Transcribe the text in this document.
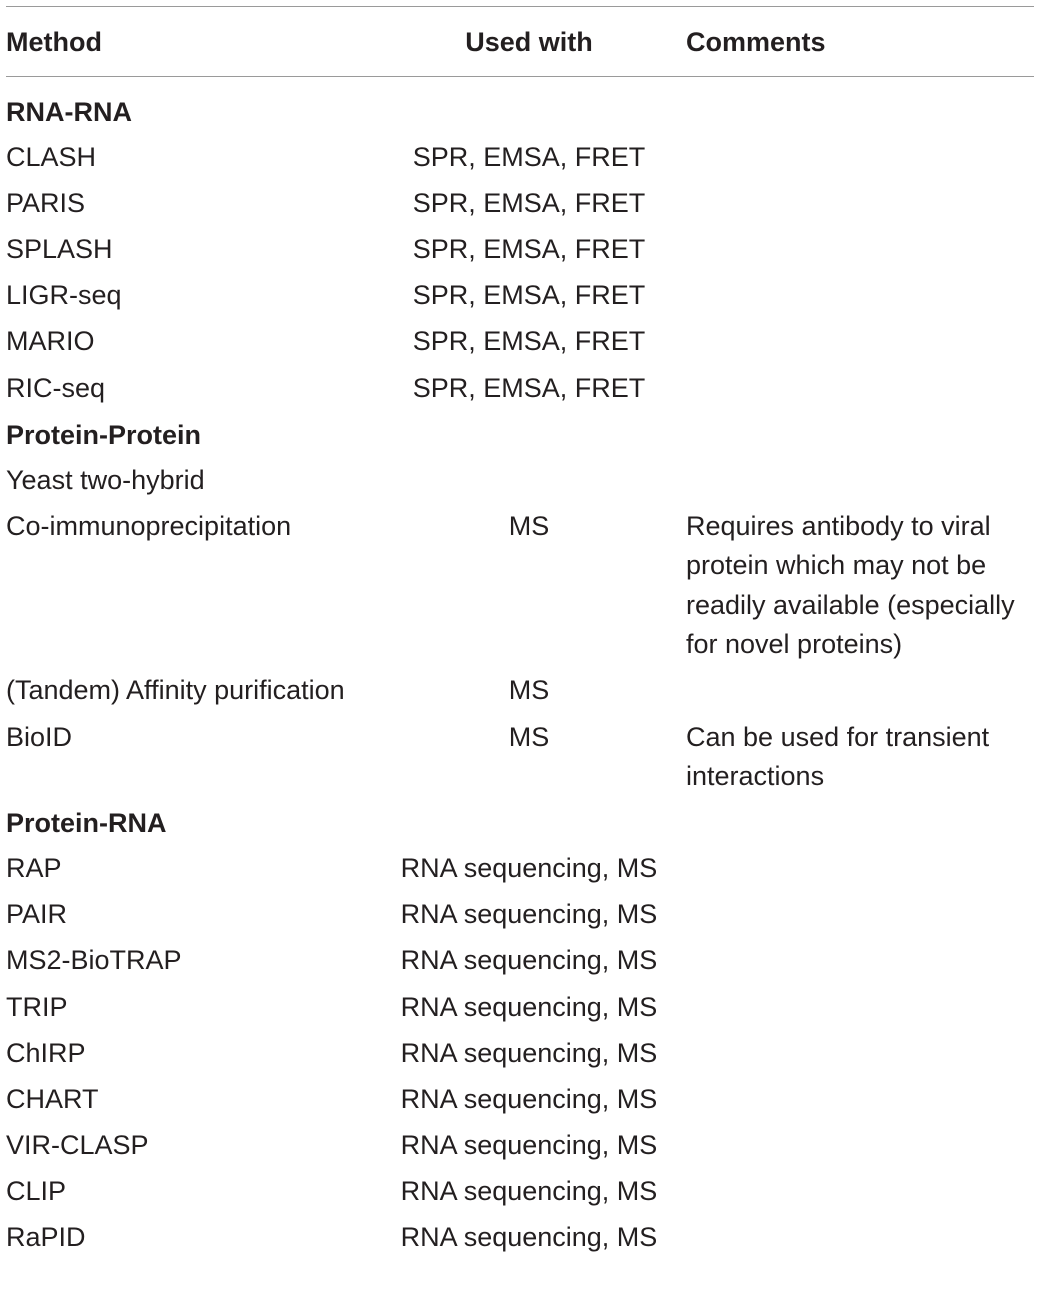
Method	Used with	Comments
RNA-RNA
CLASH	SPR, EMSA, FRET
PARIS	SPR, EMSA, FRET
SPLASH	SPR, EMSA, FRET
LIGR-seq	SPR, EMSA, FRET
MARIO	SPR, EMSA, FRET
RIC-seq	SPR, EMSA, FRET
Protein-Protein
Yeast two-hybrid
Co-immunoprecipitation	MS	Requires antibody to viral protein which may not be readily available (especially for novel proteins)
(Tandem) Affinity purification	MS
BioID	MS	Can be used for transient interactions
Protein-RNA
RAP	RNA sequencing, MS
PAIR	RNA sequencing, MS
MS2-BioTRAP	RNA sequencing, MS
TRIP	RNA sequencing, MS
ChIRP	RNA sequencing, MS
CHART	RNA sequencing, MS
VIR-CLASP	RNA sequencing, MS
CLIP	RNA sequencing, MS
RaPID	RNA sequencing, MS
